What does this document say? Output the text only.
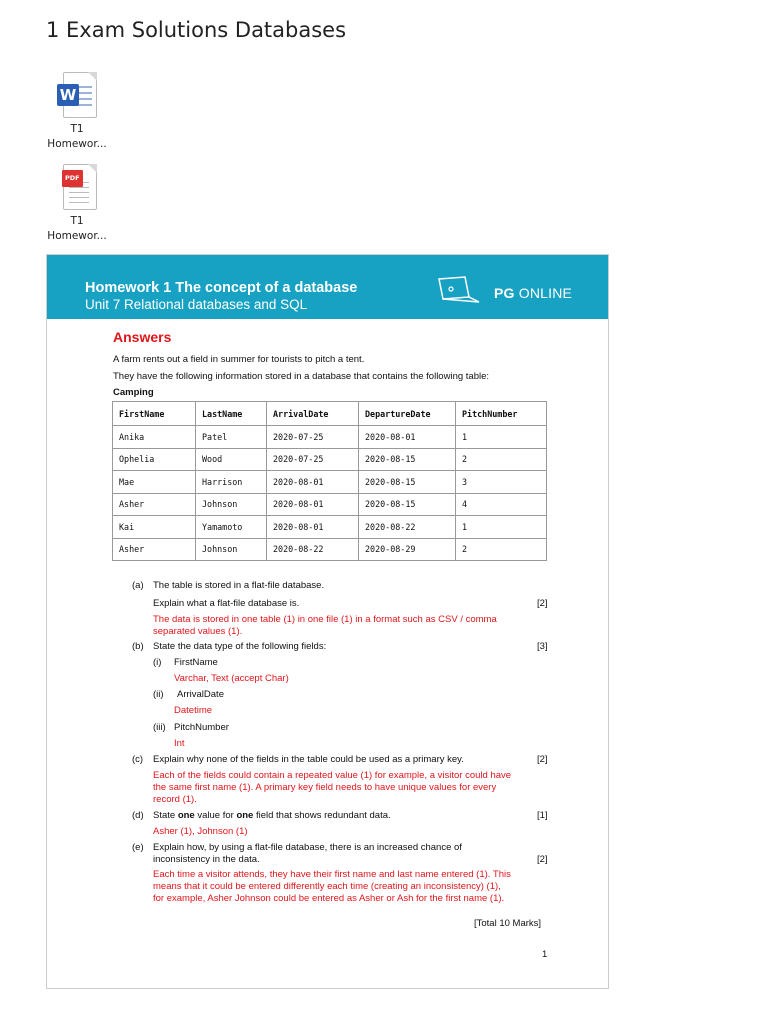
1 Exam Solutions Databases
W
T1
Homewor...
PDF
T1
Homewor...
Homework 1 The concept of a database
Unit 7 Relational databases and SQL
PG ONLINE
Answers
A farm rents out a field in summer for tourists to pitch a tent.
They have the following information stored in a database that contains the following table:
Camping
FirstName	LastName	ArrivalDate	DepartureDate	PitchNumber
Anika	Patel	2020-07-25	2020-08-01	1
Ophelia	Wood	2020-07-25	2020-08-15	2
Mae	Harrison	2020-08-01	2020-08-15	3
Asher	Johnson	2020-08-01	2020-08-15	4
Kai	Yamamoto	2020-08-01	2020-08-22	1
Asher	Johnson	2020-08-22	2020-08-29	2
(a) The table is stored in a flat-file database.
Explain what a flat-file database is.	[2]
The data is stored in one table (1) in one file (1) in a format such as CSV / comma
separated values (1).
(b) State the data type of the following fields:	[3]
(i) FirstName
Varchar, Text (accept Char)
(ii) ArrivalDate
Datetime
(iii) PitchNumber
Int
(c) Explain why none of the fields in the table could be used as a primary key.	[2]
Each of the fields could contain a repeated value (1) for example, a visitor could have
the same first name (1). A primary key field needs to have unique values for every
record (1).
(d) State one value for one field that shows redundant data.	[1]
Asher (1), Johnson (1)
(e) Explain how, by using a flat-file database, there is an increased chance of
inconsistency in the data.	[2]
Each time a visitor attends, they have their first name and last name entered (1). This
means that it could be entered differently each time (creating an inconsistency) (1),
for example, Asher Johnson could be entered as Asher or Ash for the first name (1).
[Total 10 Marks]
1
